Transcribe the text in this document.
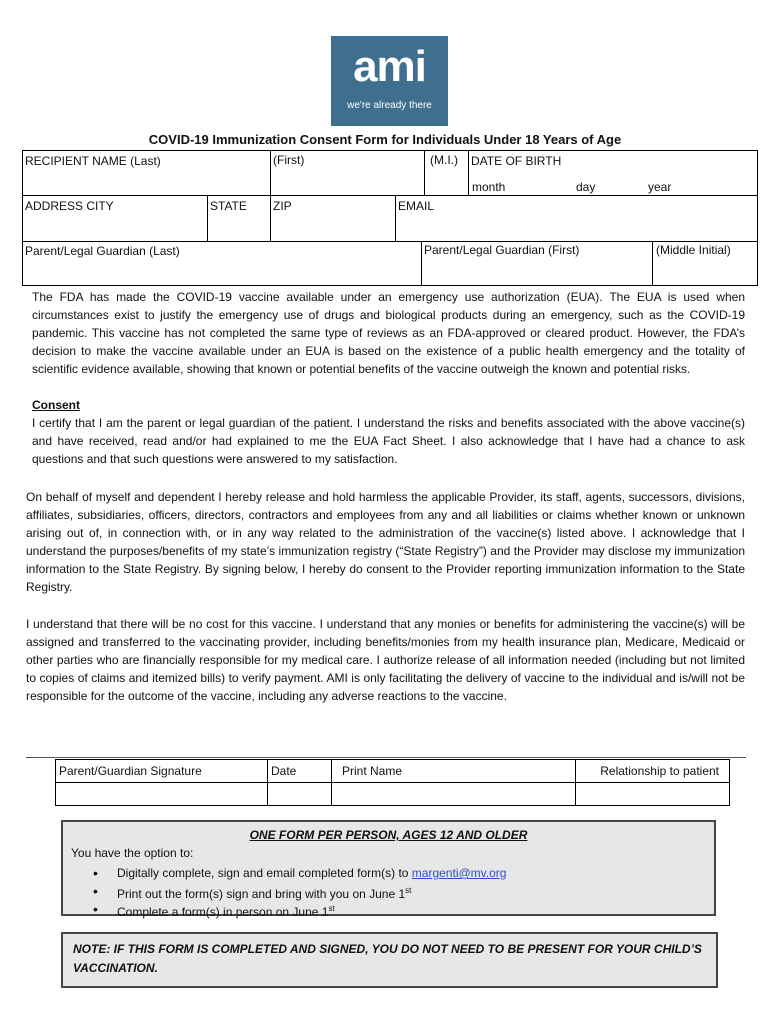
ami
we're already there
COVID-19 Immunization Consent Form for Individuals Under 18 Years of Age
RECIPIENT NAME (Last)	(First)	(M.I.) DATE OF BIRTH
month	day	year
ADDRESS CITY	STATE ZIP	EMAIL
Parent/Legal Guardian (Last)	Parent/Legal Guardian (First)	(Middle Initial)
The FDA has made the COVID-19 vaccine available under an emergency use authorization (EUA). The EUA is used when circumstances exist to justify the emergency use of drugs and biological products during an emergency, such as the COVID-19 pandemic. This vaccine has not completed the same type of reviews as an FDA-approved or cleared product. However, the FDA’s decision to make the vaccine available under an EUA is based on the existence of a public health emergency and the totality of scientific evidence available, showing that known or potential benefits of the vaccine outweigh the known and potential risks.
Consent
I certify that I am the parent or legal guardian of the patient. I understand the risks and benefits associated with the above vaccine(s) and have received, read and/or had explained to me the EUA Fact Sheet. I also acknowledge that I have had a chance to ask questions and that such questions were answered to my satisfaction.
On behalf of myself and dependent I hereby release and hold harmless the applicable Provider, its staff, agents, successors, divisions, affiliates, subsidiaries, officers, directors, contractors and employees from any and all liabilities or claims whether known or unknown arising out of, in connection with, or in any way related to the administration of the vaccine(s) listed above. I acknowledge that I understand the purposes/benefits of my state’s immunization registry (“State Registry”) and the Provider may disclose my immunization information to the State Registry. By signing below, I hereby do consent to the Provider reporting immunization information to the State Registry.
I understand that there will be no cost for this vaccine. I understand that any monies or benefits for administering the vaccine(s) will be assigned and transferred to the vaccinating provider, including benefits/monies from my health insurance plan, Medicare, Medicaid or other parties who are financially responsible for my medical care. I authorize release of all information needed (including but not limited to copies of claims and itemized bills) to verify payment. AMI is only facilitating the delivery of vaccine to the individual and is/will not be responsible for the outcome of the vaccine, including any adverse reactions to the vaccine.
Parent/Guardian Signature	Date	Print Name	Relationship to patient

ONE FORM PER PERSON, AGES 12 AND OLDER
You have the option to:
• Digitally complete, sign and email completed form(s) to margenti@mv.org
• Print out the form(s) sign and bring with you on June 1st
• Complete a form(s) in person on June 1st
NOTE: IF THIS FORM IS COMPLETED AND SIGNED, YOU DO NOT NEED TO BE PRESENT FOR YOUR CHILD’S VACCINATION.
